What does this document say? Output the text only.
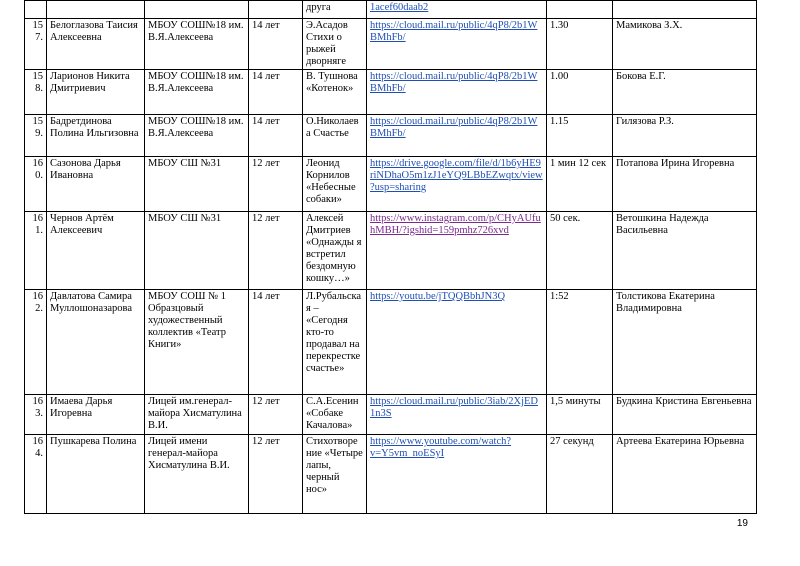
				друга	1acef60daab2		
157.	Белоглазова Таисия Алексеевна	МБОУ СОШ№18 им. В.Я.Алексеева	14 лет	Э.Асадов Стихи о рыжей дворняге	https://cloud.mail.ru/public/4qP8/2b1WBMhFb/	1.30	Мамикова З.Х.
158.	Ларионов Никита Дмитриевич	МБОУ СОШ№18 им. В.Я.Алексеева	14 лет	В. Тушнова «Котенок»	https://cloud.mail.ru/public/4qP8/2b1WBMhFb/	1.00	Бокова Е.Г.
159.	Бадретдинова Полина Ильгизовна	МБОУ СОШ№18 им. В.Я.Алексеева	14 лет	О.Николаева Счастье	https://cloud.mail.ru/public/4qP8/2b1WBMhFb/	1.15	Гилязова Р.З.
160.	Сазонова Дарья Ивановна	МБОУ СШ №31	12 лет	Леонид Корнилов «Небесные собаки»	https://drive.google.com/file/d/1b6yHE9riNDhaO5m1zJ1eYQ9LBbEZwqtx/view?usp=sharing	1 мин 12 сек	Потапова Ирина Игоревна
161.	Чернов Артём Алексеевич	МБОУ СШ №31	12 лет	Алексей Дмитриев «Однажды я встретил бездомную кошку…»	https://www.instagram.com/p/CHyAUfuhMBH/?igshid=159pmhz726xvd	50 сек.	Ветошкина Надежда Васильевна
162.	Давлатова Самира Муллошоназарова	МБОУ СОШ № 1 Образцовый художественный коллектив «Театр Книги»	14 лет	Л.Рубальская – «Сегодня кто-то продавал на перекрестке счастье»	https://youtu.be/jTQQBbhJN3Q	1:52	Толстикова Екатерина Владимировна
163.	Имаева Дарья Игоревна	Лицей им.генерал-майора Хисматулина В.И.	12 лет	С.А.Есенин «Собаке Качалова»	https://cloud.mail.ru/public/3iab/2XjED1n3S	1,5 минуты	Будкина Кристина Евгеньевна
164.	Пушкарева Полина	Лицей имени генерал-майора Хисматулина В.И.	12 лет	Стихотворение «Четыре лапы, черный нос»	https://www.youtube.com/watch?v=Y5vm_noESyI	27 секунд	Артеева Екатерина Юрьевна
19
